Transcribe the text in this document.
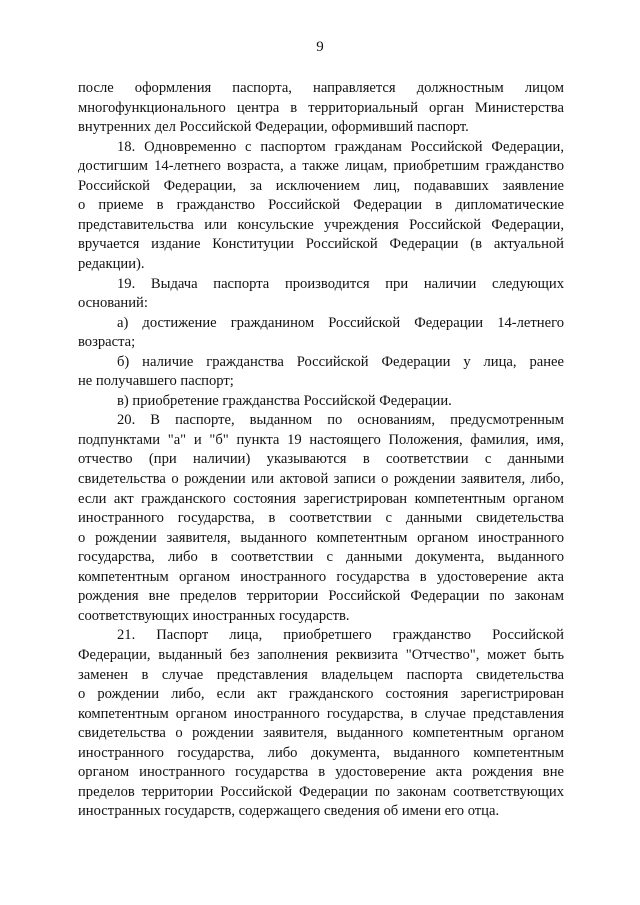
9
после оформления паспорта, направляется должностным лицом
многофункционального центра в территориальный орган Министерства
внутренних дел Российской Федерации, оформивший паспорт.
18. Одновременно с паспортом гражданам Российской Федерации,
достигшим 14-летнего возраста, а также лицам, приобретшим гражданство
Российской Федерации, за исключением лиц, подававших заявление
о приеме в гражданство Российской Федерации в дипломатические
представительства или консульские учреждения Российской Федерации,
вручается издание Конституции Российской Федерации (в актуальной
редакции).
19. Выдача паспорта производится при наличии следующих
оснований:
а) достижение гражданином Российской Федерации 14-летнего
возраста;
б) наличие гражданства Российской Федерации у лица, ранее
не получавшего паспорт;
в) приобретение гражданства Российской Федерации.
20. В паспорте, выданном по основаниям, предусмотренным
подпунктами "а" и "б" пункта 19 настоящего Положения, фамилия, имя,
отчество (при наличии) указываются в соответствии с данными
свидетельства о рождении или актовой записи о рождении заявителя, либо,
если акт гражданского состояния зарегистрирован компетентным органом
иностранного государства, в соответствии с данными свидетельства
о рождении заявителя, выданного компетентным органом иностранного
государства, либо в соответствии с данными документа, выданного
компетентным органом иностранного государства в удостоверение акта
рождения вне пределов территории Российской Федерации по законам
соответствующих иностранных государств.
21. Паспорт лица, приобретшего гражданство Российской
Федерации, выданный без заполнения реквизита "Отчество", может быть
заменен в случае представления владельцем паспорта свидетельства
о рождении либо, если акт гражданского состояния зарегистрирован
компетентным органом иностранного государства, в случае представления
свидетельства о рождении заявителя, выданного компетентным органом
иностранного государства, либо документа, выданного компетентным
органом иностранного государства в удостоверение акта рождения вне
пределов территории Российской Федерации по законам соответствующих
иностранных государств, содержащего сведения об имени его отца.
